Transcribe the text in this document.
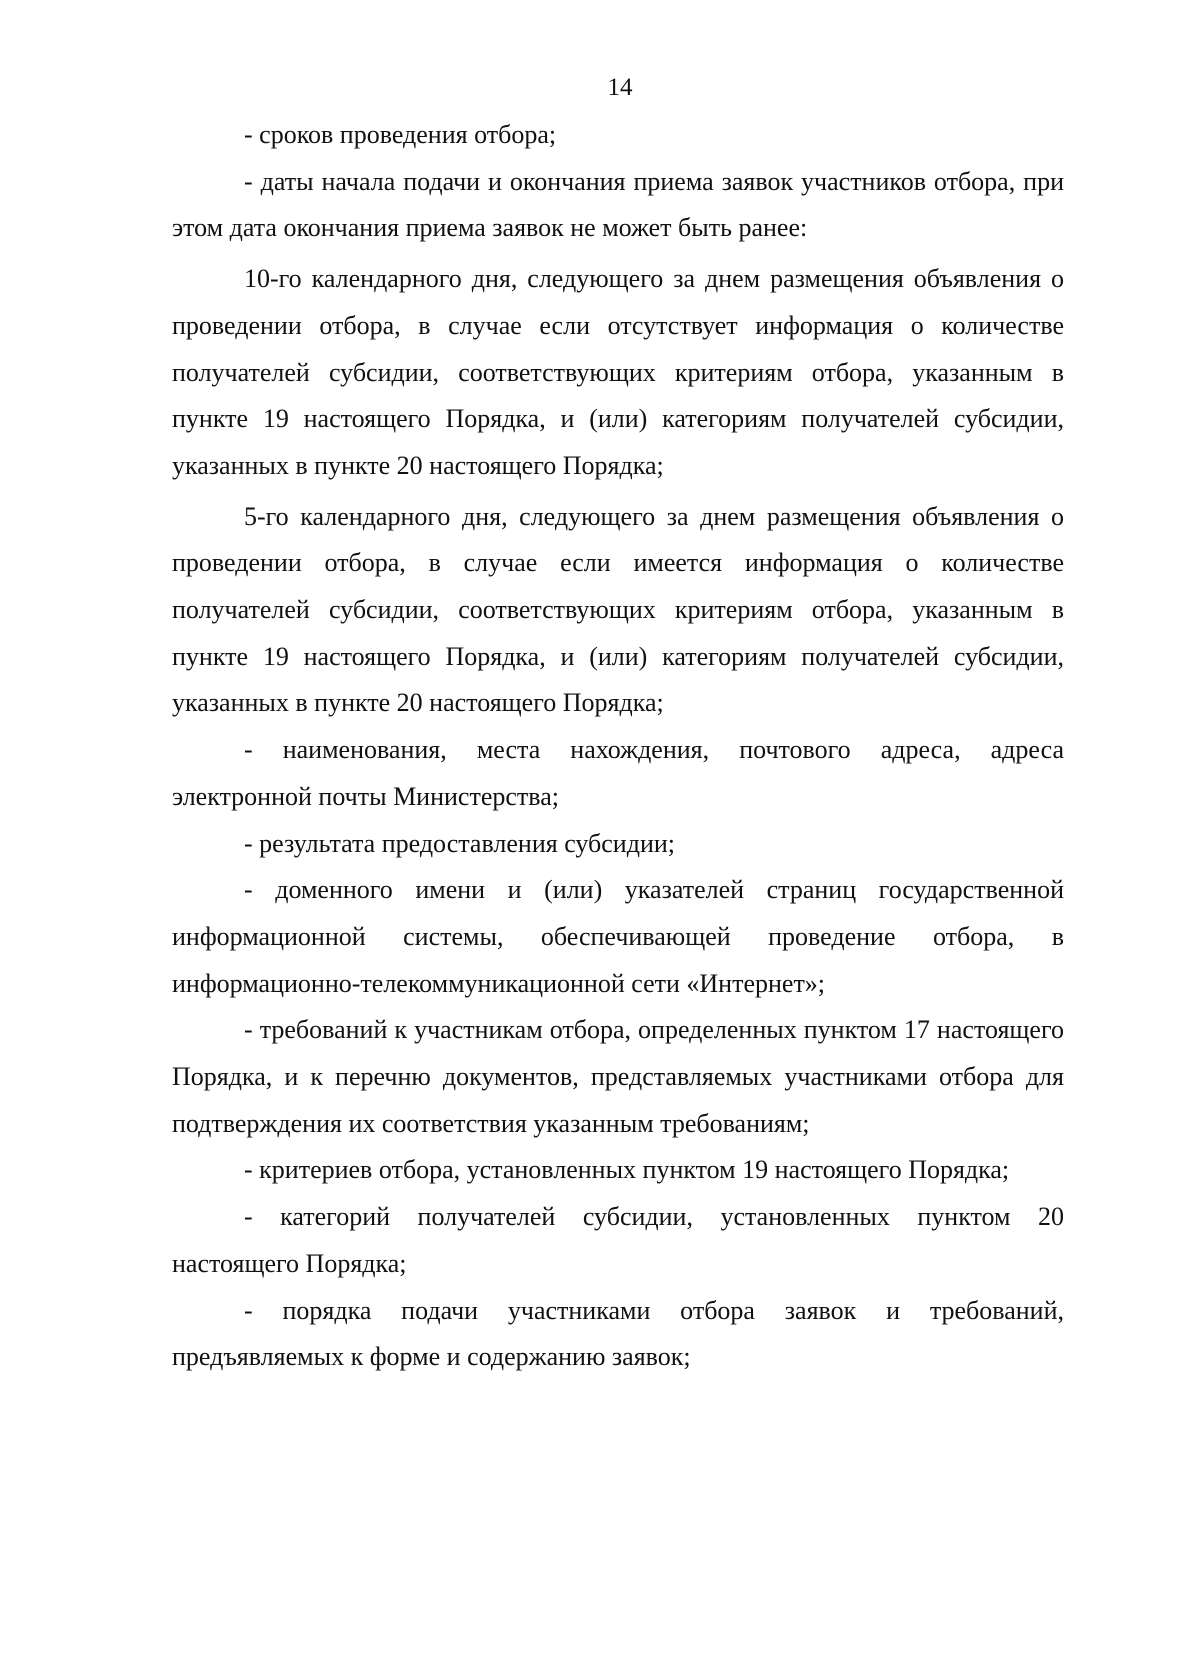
14

- сроков проведения отбора;

- даты начала подачи и окончания приема заявок участников отбора, при этом дата окончания приема заявок не может быть ранее:

10-го календарного дня, следующего за днем размещения объявления о проведении отбора, в случае если отсутствует информация о количестве получателей субсидии, соответствующих критериям отбора, указанным в пункте 19 настоящего Порядка, и (или) категориям получателей субсидии, указанных в пункте 20 настоящего Порядка;

5-го календарного дня, следующего за днем размещения объявления о проведении отбора, в случае если имеется информация о количестве получателей субсидии, соответствующих критериям отбора, указанным в пункте 19 настоящего Порядка, и (или) категориям получателей субсидии, указанных в пункте 20 настоящего Порядка;

- наименования, места нахождения, почтового адреса, адреса электронной почты Министерства;

- результата предоставления субсидии;

- доменного имени и (или) указателей страниц государственной информационной системы, обеспечивающей проведение отбора, в информационно-телекоммуникационной сети «Интернет»;

- требований к участникам отбора, определенных пунктом 17 настоящего Порядка, и к перечню документов, представляемых участниками отбора для подтверждения их соответствия указанным требованиям;

- критериев отбора, установленных пунктом 19 настоящего Порядка;

- категорий получателей субсидии, установленных пунктом 20 настоящего Порядка;

- порядка подачи участниками отбора заявок и требований, предъявляемых к форме и содержанию заявок;
